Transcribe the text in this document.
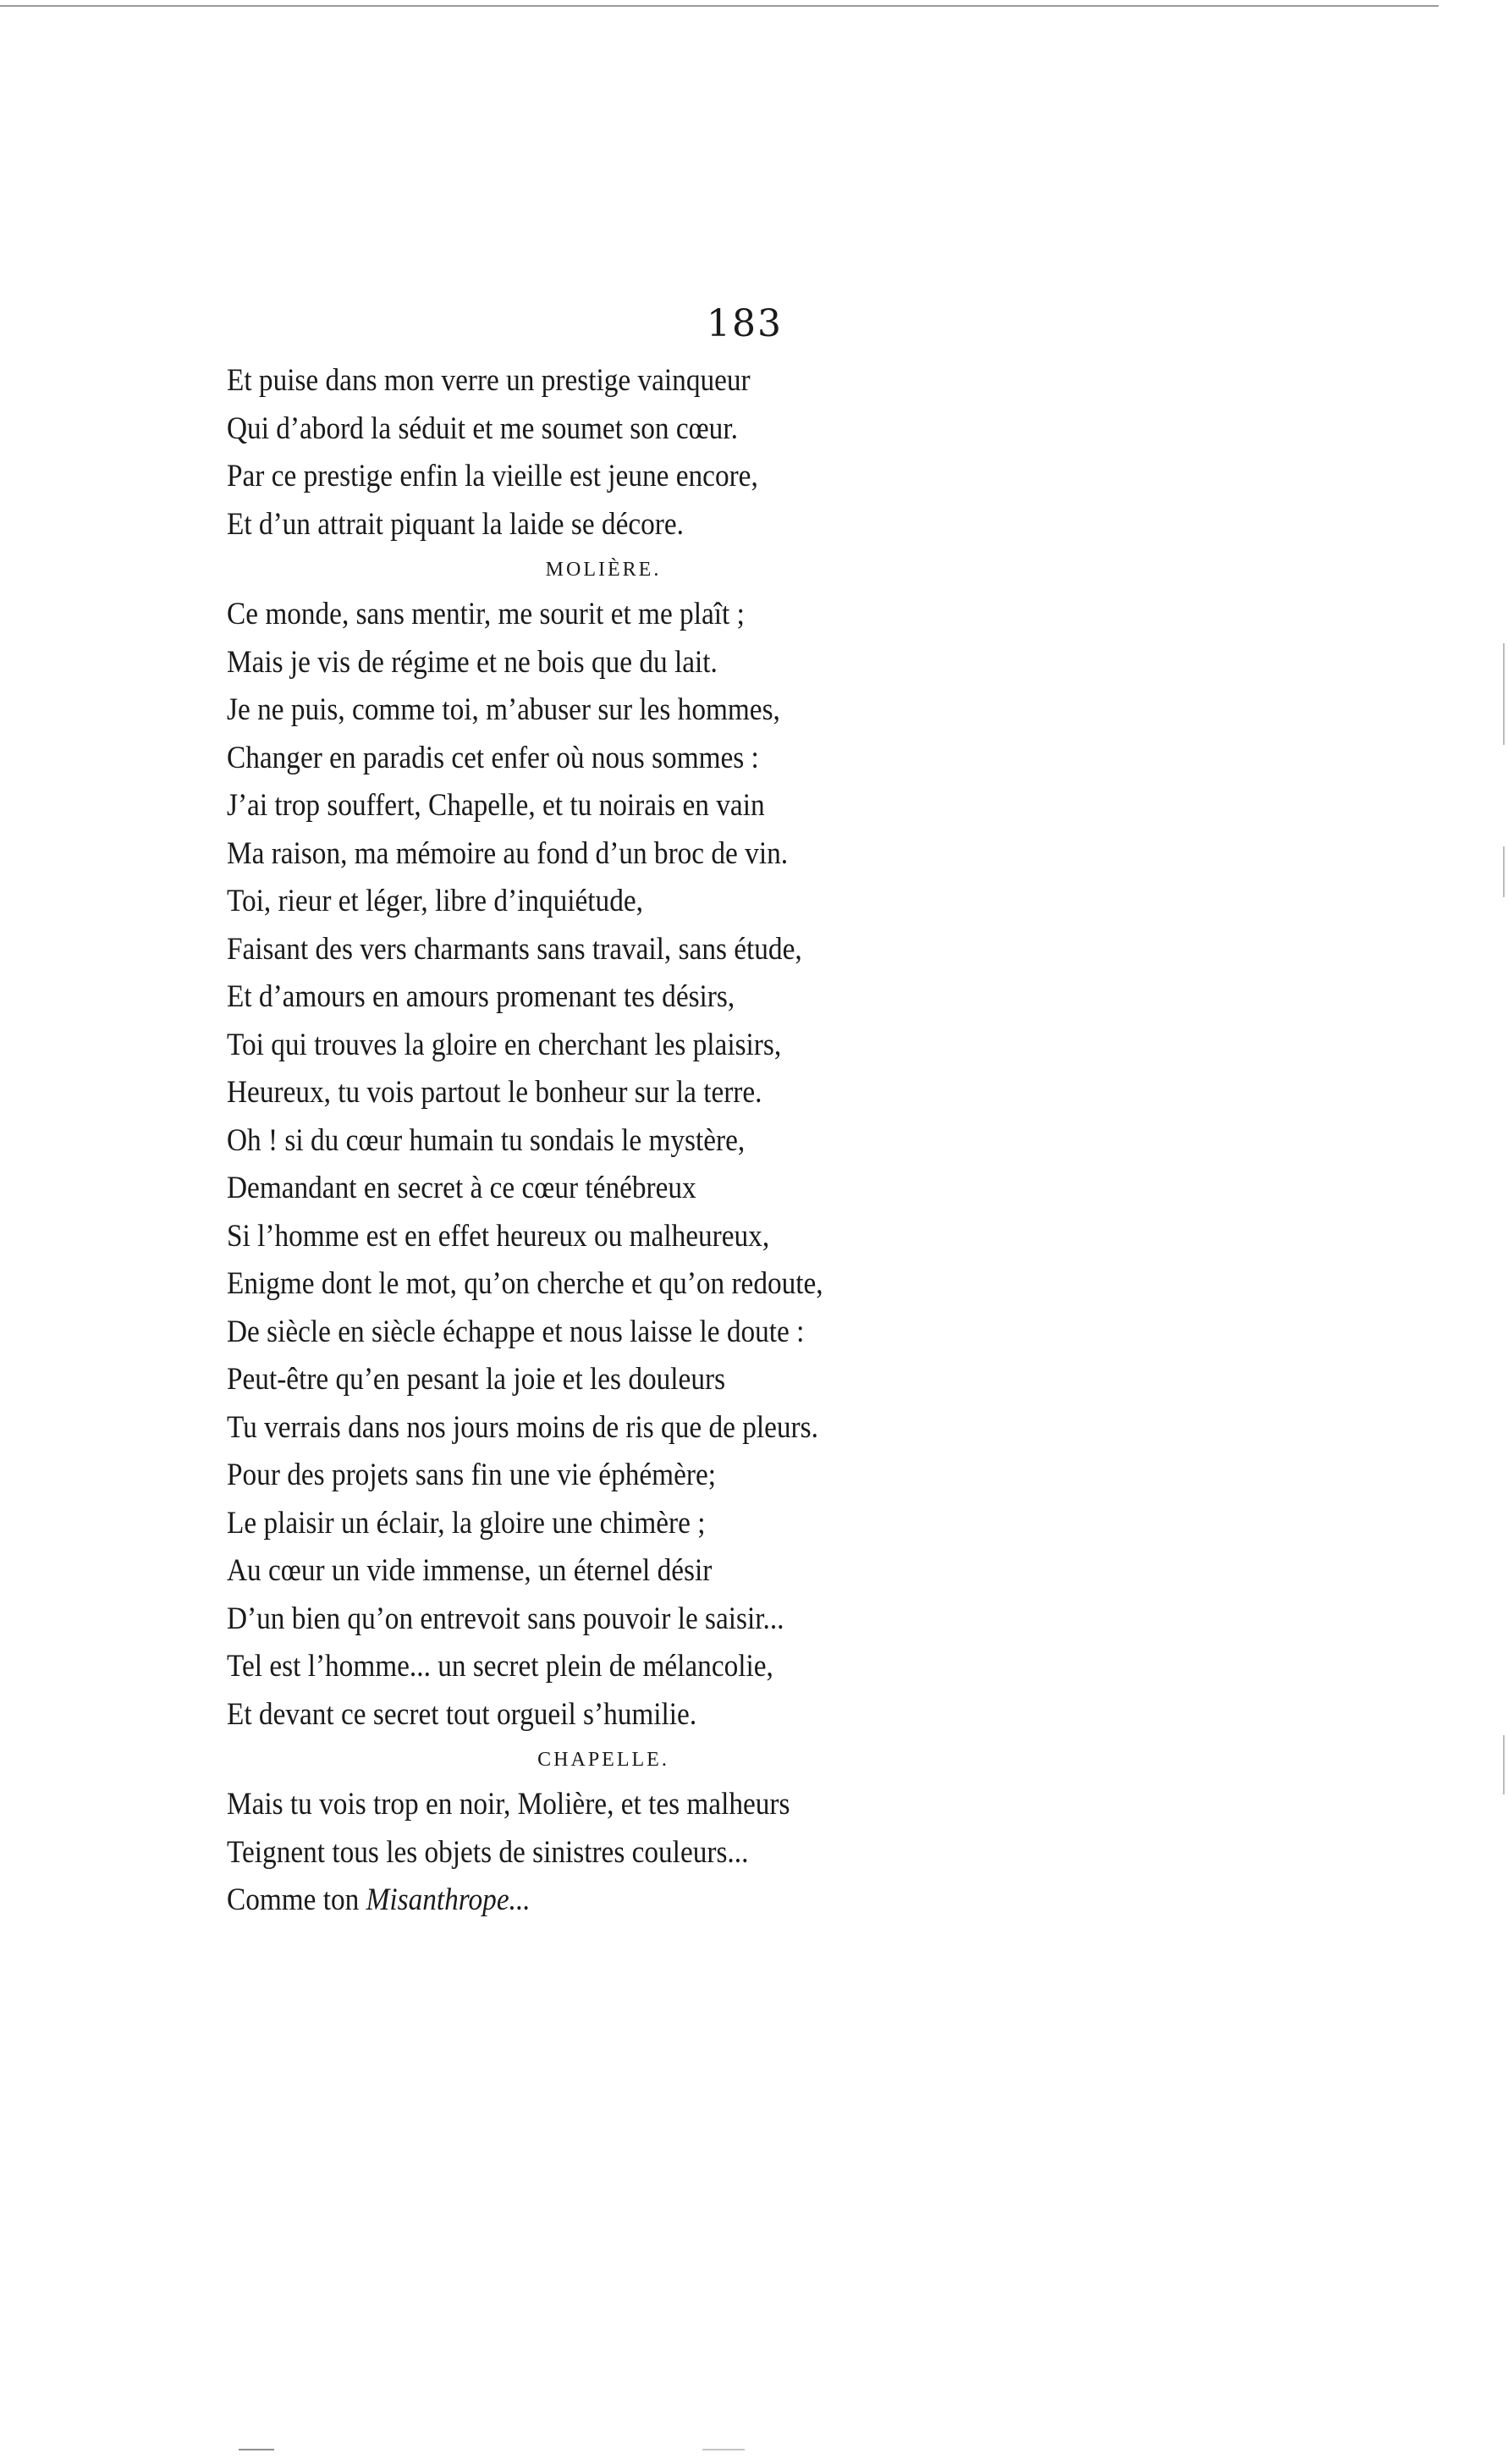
183
Et puise dans mon verre un prestige vainqueur
Qui d’abord la séduit et me soumet son cœur.
Par ce prestige enfin la vieille est jeune encore,
Et d’un attrait piquant la laide se décore.
MOLIÈRE.
Ce monde, sans mentir, me sourit et me plaît ;
Mais je vis de régime et ne bois que du lait.
Je ne puis, comme toi, m’abuser sur les hommes,
Changer en paradis cet enfer où nous sommes :
J’ai trop souffert, Chapelle, et tu noirais en vain
Ma raison, ma mémoire au fond d’un broc de vin.
Toi, rieur et léger, libre d’inquiétude,
Faisant des vers charmants sans travail, sans étude,
Et d’amours en amours promenant tes désirs,
Toi qui trouves la gloire en cherchant les plaisirs,
Heureux, tu vois partout le bonheur sur la terre.
Oh ! si du cœur humain tu sondais le mystère,
Demandant en secret à ce cœur ténébreux
Si l’homme est en effet heureux ou malheureux,
Enigme dont le mot, qu’on cherche et qu’on redoute,
De siècle en siècle échappe et nous laisse le doute :
Peut-être qu’en pesant la joie et les douleurs
Tu verrais dans nos jours moins de ris que de pleurs.
Pour des projets sans fin une vie éphémère;
Le plaisir un éclair, la gloire une chimère ;
Au cœur un vide immense, un éternel désir
D’un bien qu’on entrevoit sans pouvoir le saisir...
Tel est l’homme... un secret plein de mélancolie,
Et devant ce secret tout orgueil s’humilie.
CHAPELLE.
Mais tu vois trop en noir, Molière, et tes malheurs
Teignent tous les objets de sinistres couleurs...
Comme ton Misanthrope...
